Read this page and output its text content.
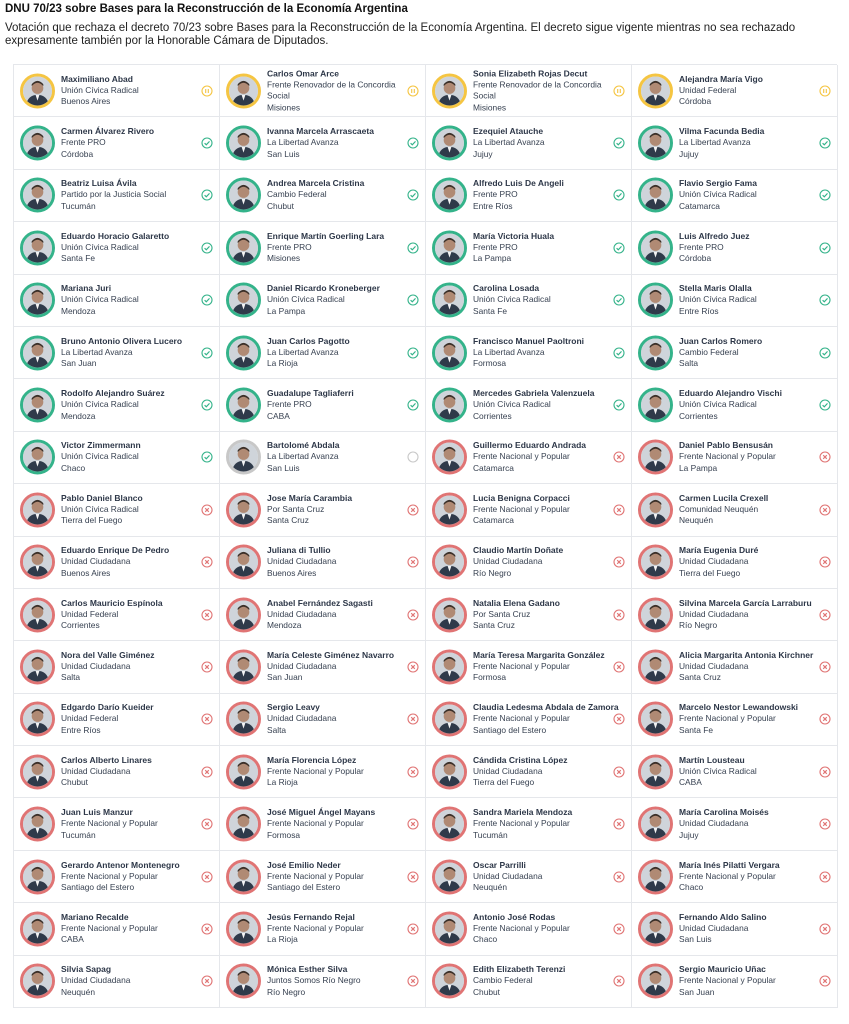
DNU 70/23 sobre Bases para la Reconstrucción de la Economía Argentina
Votación que rechaza el decreto 70/23 sobre Bases para la Reconstrucción de la Economía Argentina. El decreto sigue vigente mientras no sea rechazado expresamente también por la Honorable Cámara de Diputados.
Maximiliano Abad
Unión Cívica Radical
Buenos Aires
Carlos Omar Arce
Frente Renovador de la Concordia Social
Misiones
Sonia Elizabeth Rojas Decut
Frente Renovador de la Concordia Social
Misiones
Alejandra María Vigo
Unidad Federal
Córdoba
Carmen Álvarez Rivero
Frente PRO
Córdoba
Ivanna Marcela Arrascaeta
La Libertad Avanza
San Luis
Ezequiel Atauche
La Libertad Avanza
Jujuy
Vilma Facunda Bedia
La Libertad Avanza
Jujuy
Beatriz Luisa Ávila
Partido por la Justicia Social
Tucumán
Andrea Marcela Cristina
Cambio Federal
Chubut
Alfredo Luis De Angeli
Frente PRO
Entre Ríos
Flavio Sergio Fama
Unión Cívica Radical
Catamarca
Eduardo Horacio Galaretto
Unión Cívica Radical
Santa Fe
Enrique Martín Goerling Lara
Frente PRO
Misiones
María Victoria Huala
Frente PRO
La Pampa
Luis Alfredo Juez
Frente PRO
Córdoba
Mariana Juri
Unión Cívica Radical
Mendoza
Daniel Ricardo Kroneberger
Unión Cívica Radical
La Pampa
Carolina Losada
Unión Cívica Radical
Santa Fe
Stella Maris Olalla
Unión Cívica Radical
Entre Ríos
Bruno Antonio Olivera Lucero
La Libertad Avanza
San Juan
Juan Carlos Pagotto
La Libertad Avanza
La Rioja
Francisco Manuel Paoltroni
La Libertad Avanza
Formosa
Juan Carlos Romero
Cambio Federal
Salta
Rodolfo Alejandro Suárez
Unión Cívica Radical
Mendoza
Guadalupe Tagliaferri
Frente PRO
CABA
Mercedes Gabriela Valenzuela
Unión Cívica Radical
Corrientes
Eduardo Alejandro Vischi
Unión Cívica Radical
Corrientes
Victor Zimmermann
Unión Cívica Radical
Chaco
Bartolomé Abdala
La Libertad Avanza
San Luis
Guillermo Eduardo Andrada
Frente Nacional y Popular
Catamarca
Daniel Pablo Bensusán
Frente Nacional y Popular
La Pampa
Pablo Daniel Blanco
Unión Cívica Radical
Tierra del Fuego
Jose María Carambia
Por Santa Cruz
Santa Cruz
Lucia Benigna Corpacci
Frente Nacional y Popular
Catamarca
Carmen Lucila Crexell
Comunidad Neuquén
Neuquén
Eduardo Enrique De Pedro
Unidad Ciudadana
Buenos Aires
Juliana di Tullio
Unidad Ciudadana
Buenos Aires
Claudio Martín Doñate
Unidad Ciudadana
Río Negro
María Eugenia Duré
Unidad Ciudadana
Tierra del Fuego
Carlos Mauricio Espínola
Unidad Federal
Corrientes
Anabel Fernández Sagasti
Unidad Ciudadana
Mendoza
Natalia Elena Gadano
Por Santa Cruz
Santa Cruz
Silvina Marcela García Larraburu
Unidad Ciudadana
Río Negro
Nora del Valle Giménez
Unidad Ciudadana
Salta
María Celeste Giménez Navarro
Unidad Ciudadana
San Juan
María Teresa Margarita González
Frente Nacional y Popular
Formosa
Alicia Margarita Antonia Kirchner
Unidad Ciudadana
Santa Cruz
Edgardo Darío Kueider
Unidad Federal
Entre Ríos
Sergio Leavy
Unidad Ciudadana
Salta
Claudia Ledesma Abdala de Zamora
Frente Nacional y Popular
Santiago del Estero
Marcelo Nestor Lewandowski
Frente Nacional y Popular
Santa Fe
Carlos Alberto Linares
Unidad Ciudadana
Chubut
María Florencia López
Frente Nacional y Popular
La Rioja
Cándida Cristina López
Unidad Ciudadana
Tierra del Fuego
Martín Lousteau
Unión Cívica Radical
CABA
Juan Luis Manzur
Frente Nacional y Popular
Tucumán
José Miguel Ángel Mayans
Frente Nacional y Popular
Formosa
Sandra Mariela Mendoza
Frente Nacional y Popular
Tucumán
María Carolina Moisés
Unidad Ciudadana
Jujuy
Gerardo Antenor Montenegro
Frente Nacional y Popular
Santiago del Estero
José Emilio Neder
Frente Nacional y Popular
Santiago del Estero
Oscar Parrilli
Unidad Ciudadana
Neuquén
María Inés Pilatti Vergara
Frente Nacional y Popular
Chaco
Mariano Recalde
Frente Nacional y Popular
CABA
Jesús Fernando Rejal
Frente Nacional y Popular
La Rioja
Antonio José Rodas
Frente Nacional y Popular
Chaco
Fernando Aldo Salino
Unidad Ciudadana
San Luis
Silvia Sapag
Unidad Ciudadana
Neuquén
Mónica Esther Silva
Juntos Somos Río Negro
Río Negro
Edith Elizabeth Terenzi
Cambio Federal
Chubut
Sergio Mauricio Uñac
Frente Nacional y Popular
San Juan
